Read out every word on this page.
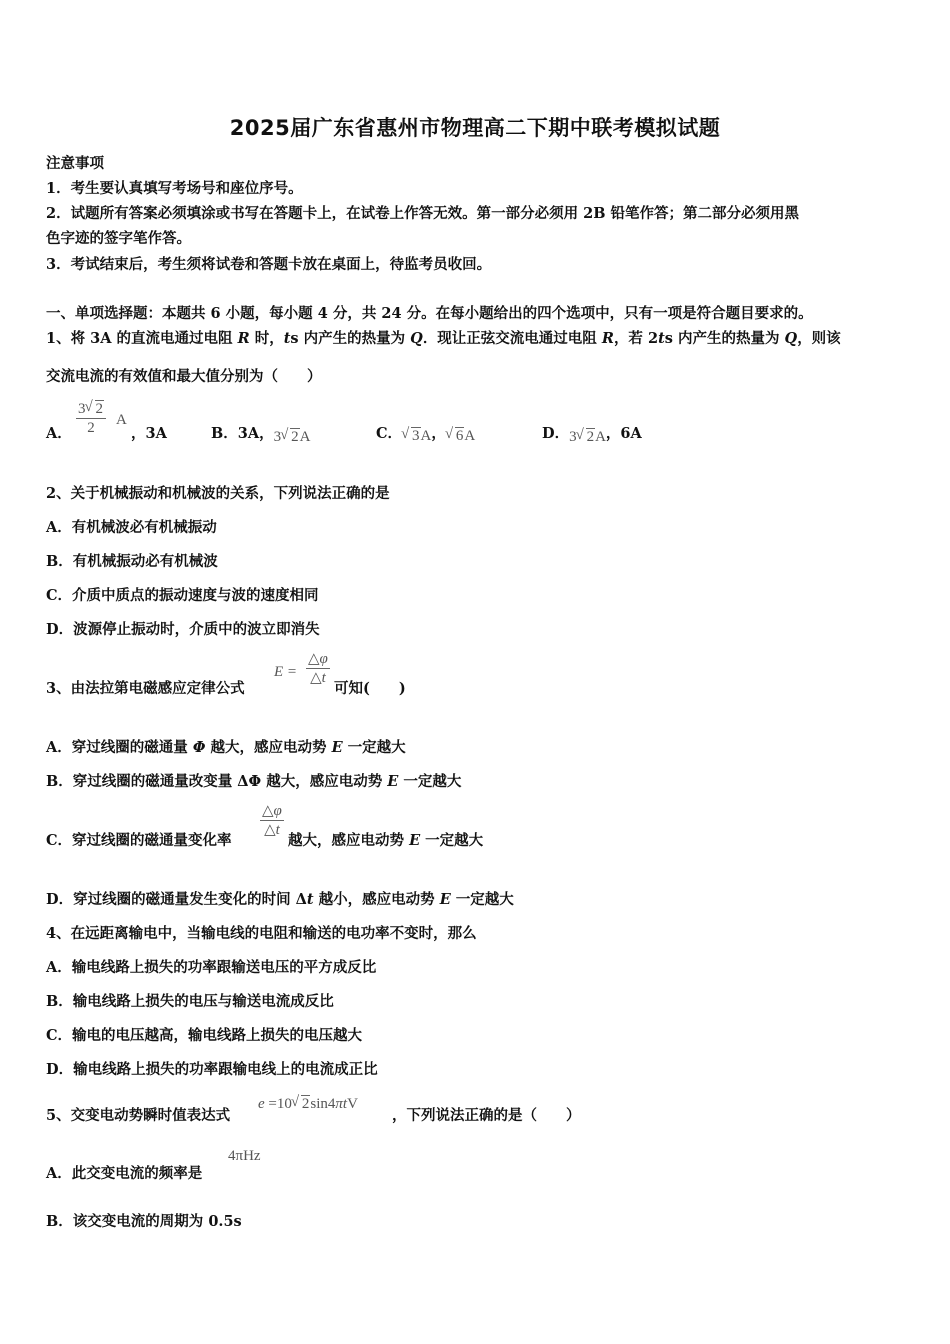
2025届广东省惠州市物理高二下期中联考模拟试题
注意事项
1．考生要认真填写考场号和座位序号。
2．试题所有答案必须填涂或书写在答题卡上，在试卷上作答无效。第一部分必须用 2B 铅笔作答；第二部分必须用黑
色字迹的签字笔作答。
3．考试结束后，考生须将试卷和答题卡放在桌面上，待监考员收回。
一、单项选择题：本题共 6 小题，每小题 4 分，共 24 分。在每小题给出的四个选项中，只有一项是符合题目要求的。
1、将 3A 的直流电通过电阻 R 时，ts 内产生的热量为 Q．现让正弦交流电通过电阻 R，若 2ts 内产生的热量为 Q，则该
交流电流的有效值和最大值分别为（　　）
A． $\frac{3 √ 2}{2}$ A
，3A	B．3A，3 √ 2A	C． √ 3A， √ 6A	D．3 √ 2A，6A
2、关于机械振动和机械波的关系，下列说法正确的是
A．有机械波必有机械振动
B．有机械振动必有机械波
C．介质中质点的振动速度与波的速度相同
D．波源停止振动时，介质中的波立即消失
3、由法拉第电磁感应定律公式
$E = \frac{\triangle\varphi}{\triangle t}$
可知(　　)
A．穿过线圈的磁通量 Φ 越大，感应电动势 E 一定越大
B．穿过线圈的磁通量改变量 ΔΦ 越大，感应电动势 E 一定越大
C．穿过线圈的磁通量变化率
$\frac{\triangle\varphi}{\triangle t}$
越大，感应电动势 E 一定越大
D．穿过线圈的磁通量发生变化的时间 Δt 越小，感应电动势 E 一定越大
4、在远距离输电中，当输电线的电阻和输送的电功率不变时，那么
A．输电线路上损失的功率跟输送电压的平方成反比
B．输电线路上损失的电压与输送电流成反比
C．输电的电压越高，输电线路上损失的电压越大
D．输电线路上损失的功率跟输电线上的电流成正比
5、交变电动势瞬时值表达式
e =10 √ 2sin4πtV
，下列说法正确的是（　　）
A．此交变电流的频率是
4πHz
B．该交变电流的周期为 0.5s
